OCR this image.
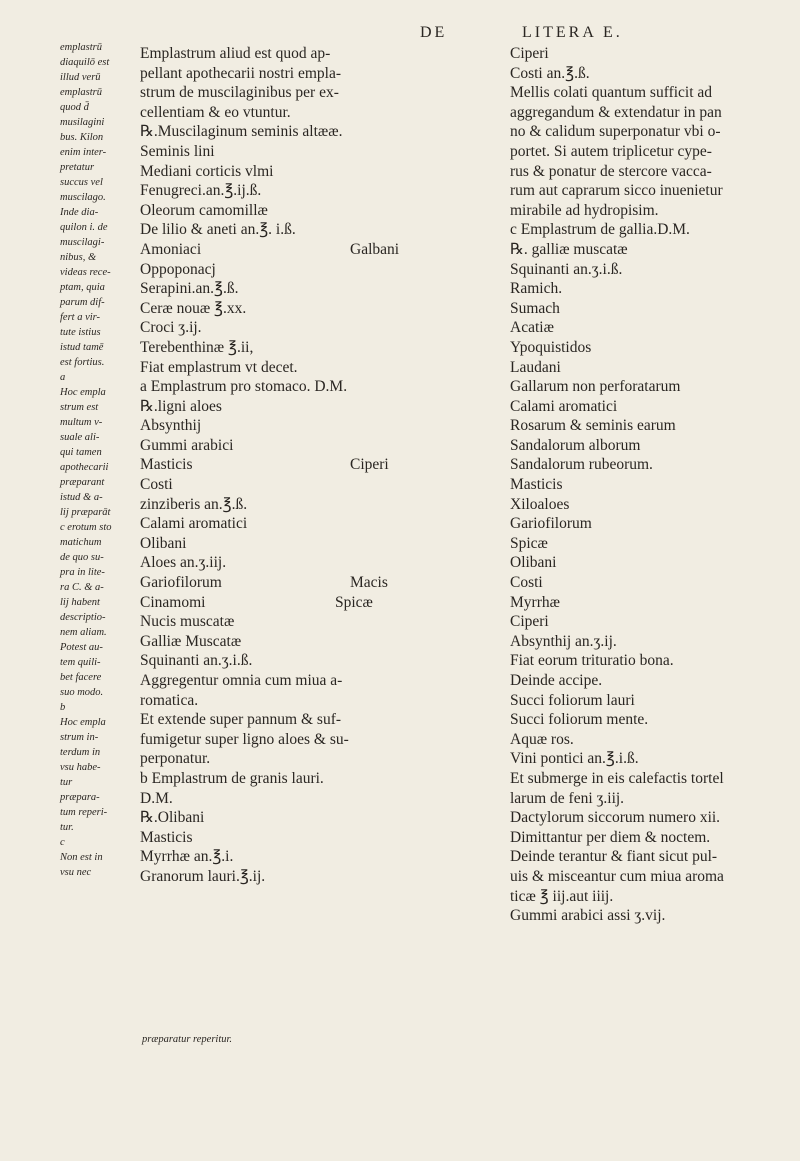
DE	LITERA E.
emplastrū
diaquilō est
illud verū
emplastrū
quod d̄
musilagini
bus. Kilon
enim inter-
pretatur
succus vel
muscilago.
Inde dia-
quilon i. de
muscilagi-
nibus, &
videas rece-
ptam, quia
parum dif-
fert a vir-
tute istius
istud tamē
est fortius.
a
Hoc empla
strum est
multum v-
suale ali-
qui tamen
apothecarii
præparant
istud & a-
lij præparāt
c erotum sto
matichum
de quo su-
pra in lite-
ra C. & a-
lij habent
descriptio-
nem aliam.
Potest au-
tem quili-
bet facere
suo modo.
b
Hoc empla
strum in-
terdum in
vsu habe-
tur
præpara-
tum reperi-
tur.
c
Non est in
vsu nec
Emplastrum aliud est quod ap-
pellant apothecarii nostri empla-
strum de muscilaginibus per ex-
cellentiam & eo vtuntur.
℞.Muscilaginum seminis altææ.
Seminis lini
Mediani corticis vlmi
Fenugreci.an.℥.ij.ß.
Oleorum camomillæ
De lilio & aneti an.℥. i.ß.
Amoniaci	Galbani
Oppoponacj
Serapini.an.℥.ß.
Ceræ nouæ ℥.xx.
Croci ʒ.ij.
Terebenthinæ ℥.ii,
Fiat emplastrum vt decet.
a Emplastrum pro stomaco. D.M.
℞.ligni aloes
Absynthij
Gummi arabici
Masticis	Ciperi
Costi
zinziberis an.℥.ß.
Calami aromatici
Olibani
Aloes an.ʒ.iij.
Gariofilorum	Macis
Cinamomi	Spicæ
Nucis muscatæ
Galliæ Muscatæ
Squinanti an.ʒ.i.ß.
Aggregentur omnia cum miua a-
romatica.
Et extende super pannum & suf-
fumigetur super ligno aloes & su-
perponatur.
b Emplastrum de granis lauri.
D.M.
℞.Olibani
Masticis
Myrrhæ an.℥.i.
Granorum lauri.℥.ij.
Ciperi
Costi an.℥.ß.
Mellis colati quantum sufficit ad
aggregandum & extendatur in pan
no & calidum superponatur vbi o-
portet. Si autem triplicetur cype-
rus & ponatur de stercore vacca-
rum aut caprarum sicco inuenietur
mirabile ad hydropisim.
c Emplastrum de gallia.D.M.
℞. galliæ muscatæ
Squinanti an.ʒ.i.ß.
Ramich.
Sumach
Acatiæ
Ypoquistidos
Laudani
Gallarum non perforatarum
Calami aromatici
Rosarum & seminis earum
Sandalorum alborum
Sandalorum rubeorum.
Masticis
Xiloaloes
Gariofilorum
Spicæ
Olibani
Costi
Myrrhæ
Ciperi
Absynthij an.ʒ.ij.
Fiat eorum trituratio bona.
Deinde accipe.
Succi foliorum lauri
Succi foliorum mente.
Aquæ ros.
Vini pontici an.℥.i.ß.
Et submerge in eis calefactis tortel
larum de feni ʒ.iij.
Dactylorum siccorum numero xii.
Dimittantur per diem & noctem.
Deinde terantur & fiant sicut pul-
uis & misceantur cum miua aroma
ticæ ℥ iij.aut iiij.
Gummi arabici assi ʒ.vij.
præparatur reperitur.
